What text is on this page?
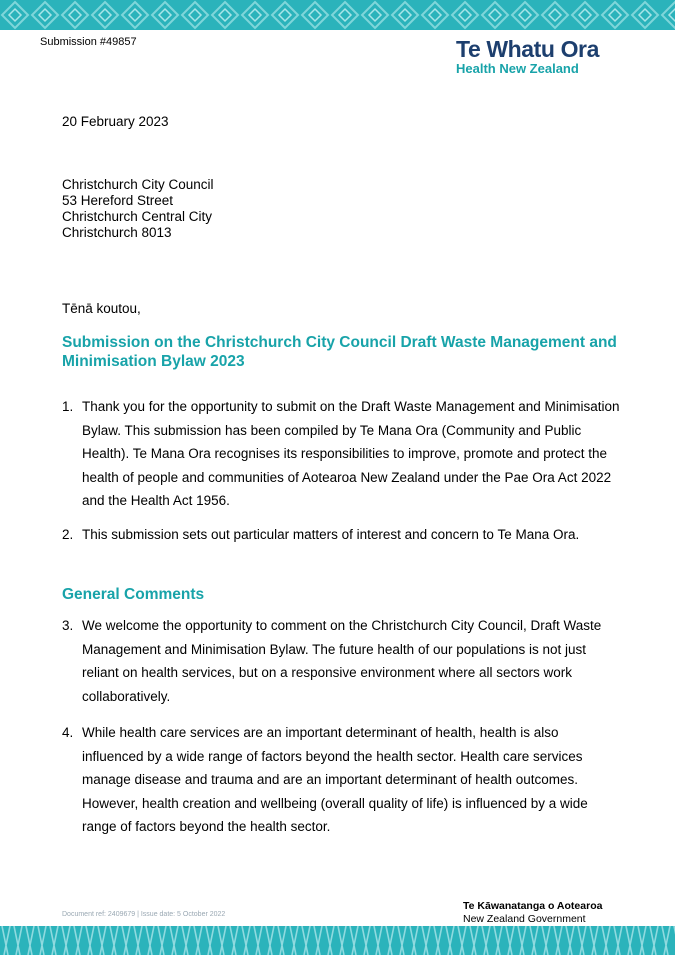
Submission #49857	Te Whatu Ora
Health New Zealand
20 February 2023
Christchurch City Council
53 Hereford Street
Christchurch Central City
Christchurch 8013
Tēnā koutou,
Submission on the Christchurch City Council Draft Waste Management and Minimisation Bylaw 2023
1. Thank you for the opportunity to submit on the Draft Waste Management and Minimisation Bylaw. This submission has been compiled by Te Mana Ora (Community and Public Health). Te Mana Ora recognises its responsibilities to improve, promote and protect the health of people and communities of Aotearoa New Zealand under the Pae Ora Act 2022 and the Health Act 1956.
2. This submission sets out particular matters of interest and concern to Te Mana Ora.
General Comments
3. We welcome the opportunity to comment on the Christchurch City Council, Draft Waste Management and Minimisation Bylaw. The future health of our populations is not just reliant on health services, but on a responsive environment where all sectors work collaboratively.
4. While health care services are an important determinant of health, health is also influenced by a wide range of factors beyond the health sector. Health care services manage disease and trauma and are an important determinant of health outcomes. However, health creation and wellbeing (overall quality of life) is influenced by a wide range of factors beyond the health sector.
Document ref: 2409679 | Issue date: 5 October 2022
Te Kāwanatanga o Aotearoa
New Zealand Government
